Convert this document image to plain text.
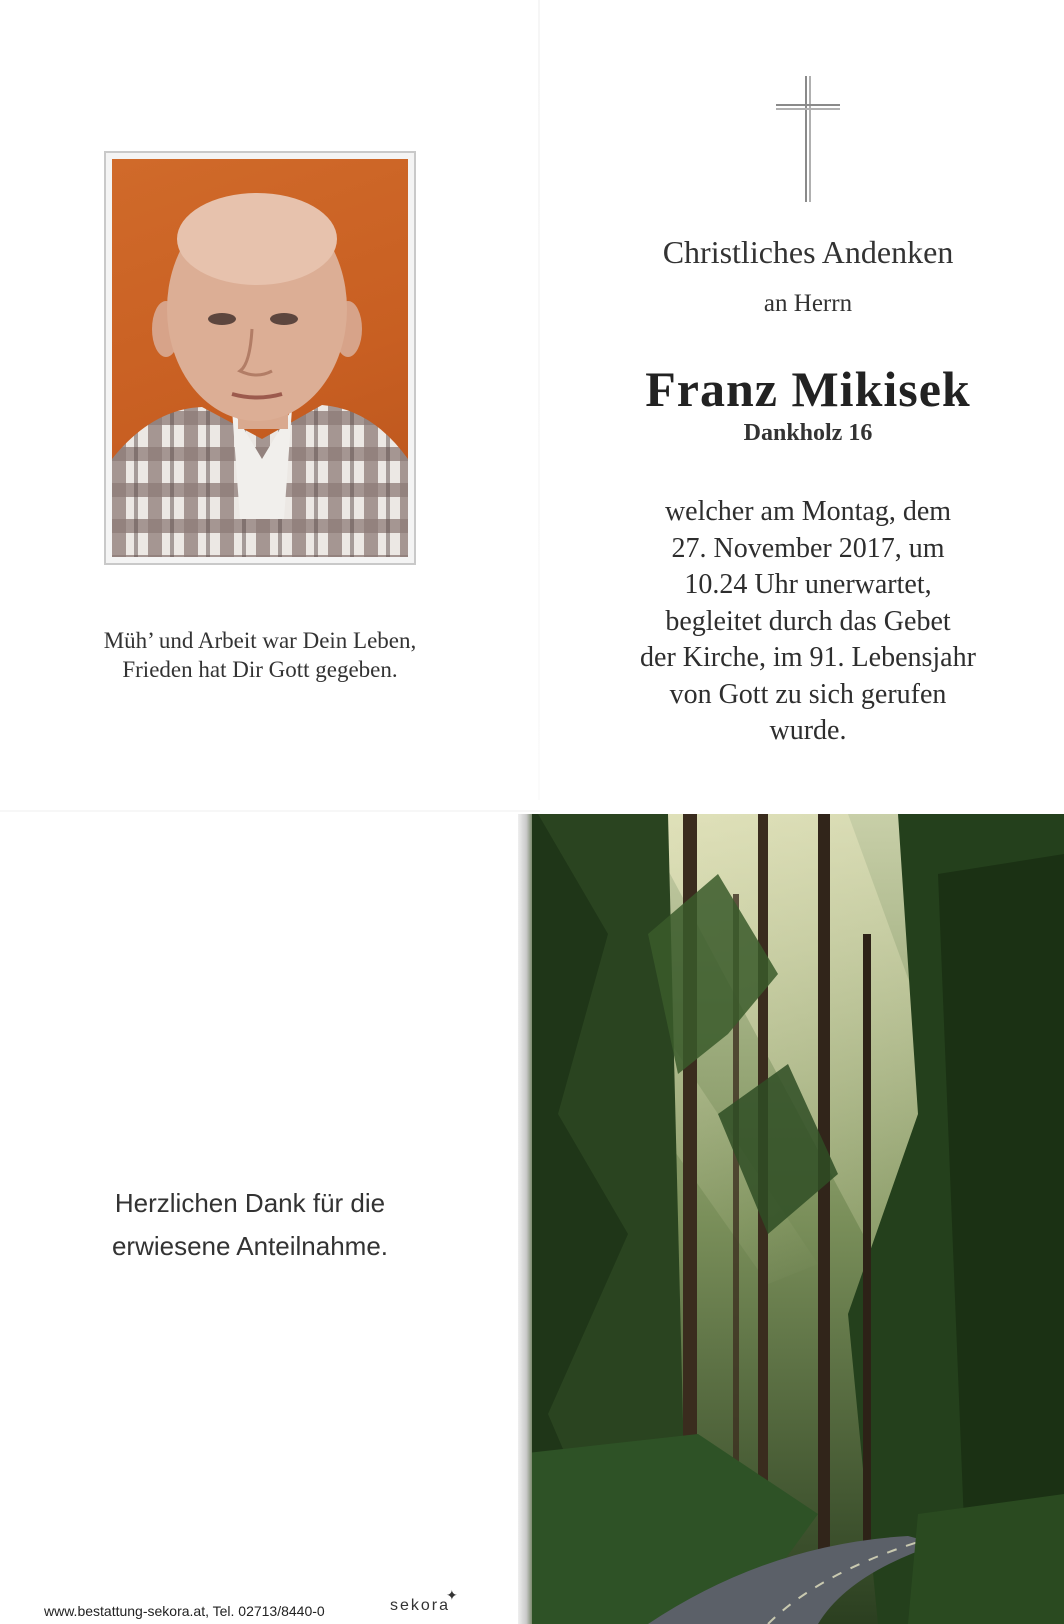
Müh’ und Arbeit war Dein Leben,
Frieden hat Dir Gott gegeben.
Herzlichen Dank für die
erwiesene Anteilnahme.
www.bestattung-sekora.at, Tel. 02713/8440-0	sekora
✦
Christliches Andenken
an Herrn
Franz Mikisek
Dankholz 16
welcher am Montag, dem
27. November 2017, um
10.24 Uhr unerwartet,
begleitet durch das Gebet
der Kirche, im 91. Lebensjahr
von Gott zu sich gerufen
wurde.
